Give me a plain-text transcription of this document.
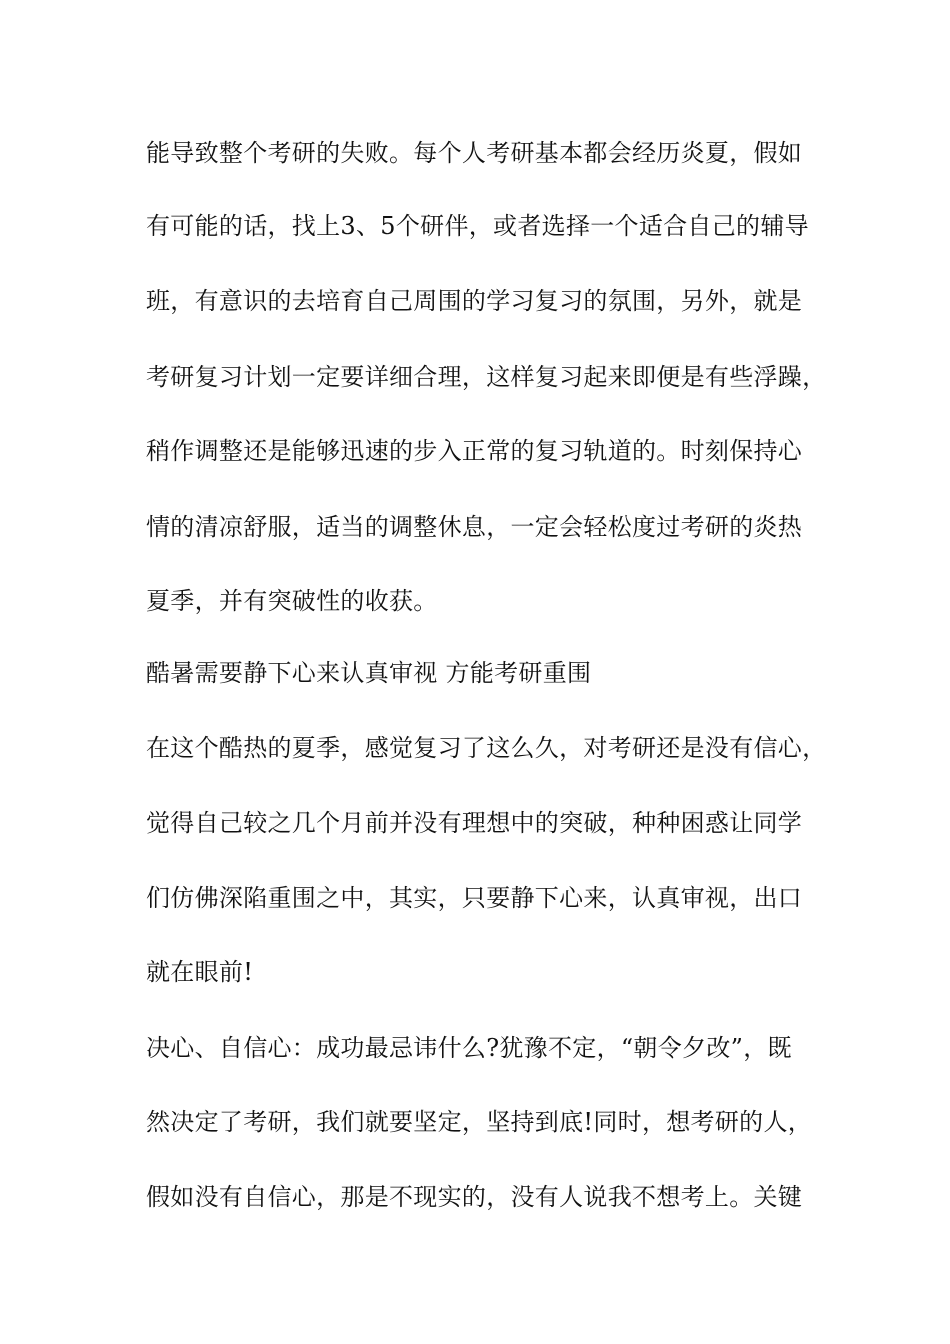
能导致整个考研的失败。每个人考研基本都会经历炎夏，假如
有可能的话，找上3、5个研伴，或者选择一个适合自己的辅导
班，有意识的去培育自己周围的学习复习的氛围，另外，就是
考研复习计划一定要详细合理，这样复习起来即便是有些浮躁，
稍作调整还是能够迅速的步入正常的复习轨道的。时刻保持心
情的清凉舒服，适当的调整休息，一定会轻松度过考研的炎热
夏季，并有突破性的收获。
酷暑需要静下心来认真审视 方能考研重围
在这个酷热的夏季，感觉复习了这么久，对考研还是没有信心，
觉得自己较之几个月前并没有理想中的突破，种种困惑让同学
们仿佛深陷重围之中，其实，只要静下心来，认真审视，出口
就在眼前!
决心、自信心：成功最忌讳什么?犹豫不定，“朝令夕改”，既
然决定了考研，我们就要坚定，坚持到底!同时，想考研的人，
假如没有自信心，那是不现实的，没有人说我不想考上。关键
